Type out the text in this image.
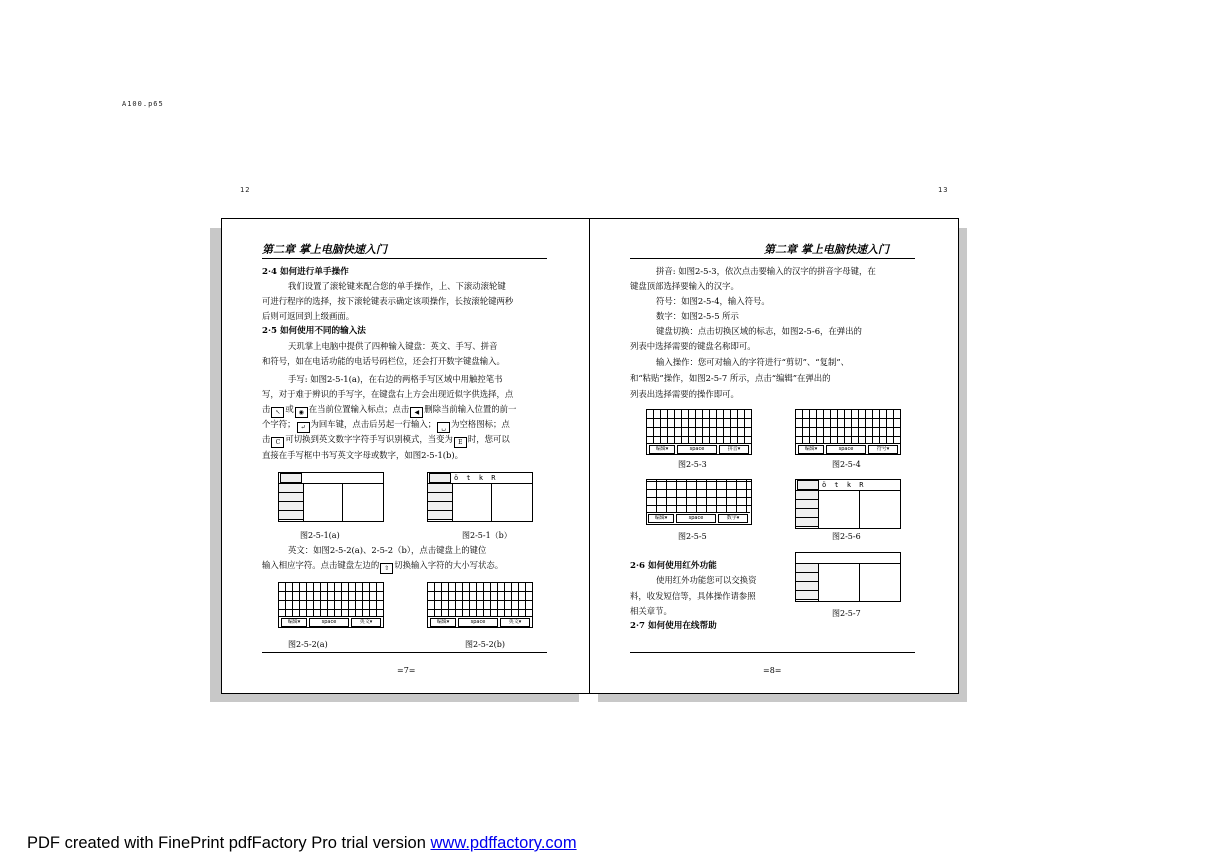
A100.p65
12	13
第二章 掌上电脑快速入门
2·4 如何进行单手操作
我们设置了滚轮键来配合您的单手操作，上、下滚动滚轮键
可进行程序的选择，按下滚轮键表示确定该项操作，长按滚轮键两秒
后则可返回到上级画面。
2·5 如何使用不同的输入法
天玑掌上电脑中提供了四种输入键盘：英文、手写、拼音
和符号，如在电话功能的电话号码栏位，还会打开数字键盘输入。
手写: 如图2-5-1(a)，在右边的两格手写区域中用触控笔书
写，对于难于辨识的手写字，在键盘右上方会出现近似字供选择，点
击 ↖ 或 ◉ 在当前位置输入标点；点击 ◀ 删除当前输入位置的前一
个字符； ↵ 为回车键，点击后另起一行输入； ␣ 为空格图标；点
击 C 可切换到英文数字字符手写识别模式，当变为 E 时，您可以
直接在手写框中书写英文字母或数字，如图2-5-1(b)。
图2-5-1(a)
ö t k R
图2-5-1（b）
英文：如图2-5-2(a)、2-5-2（b），点击键盘上的键位
输入相应字符。点击键盘左边的 ⇧ 切换输入字符的大小写状态。
编辑▾	space	英文▾
图2-5-2(a)
编辑▾	space	英文▾
图2-5-2(b)
=7=
第二章 掌上电脑快速入门
拼音: 如图2-5-3，依次点击要输入的汉字的拼音字母键，在
键盘顶部选择要输入的汉字。
符号：如图2-5-4，输入符号。
数字：如图2-5-5 所示
键盘切换：点击切换区域的标志，如图2-5-6，在弹出的
列表中选择需要的键盘名称即可。
输入操作：您可对输入的字符进行“剪切”、“复制”、
和“粘贴”操作，如图2-5-7 所示，点击“编辑”在弹出的
列表出选择需要的操作即可。
编辑▾	space	拼音▾
图2-5-3
编辑▾	space	符号▾
图2-5-4
编辑▾	space	数字▾
图2-5-5
ö t k R
图2-5-6
2·6 如何使用红外功能
使用红外功能您可以交换资
料，收发短信等，具体操作请参照
相关章节。	图2-5-7
2·7 如何使用在线帮助
=8=
PDF created with FinePrint pdfFactory Pro trial version www.pdffactory.com
